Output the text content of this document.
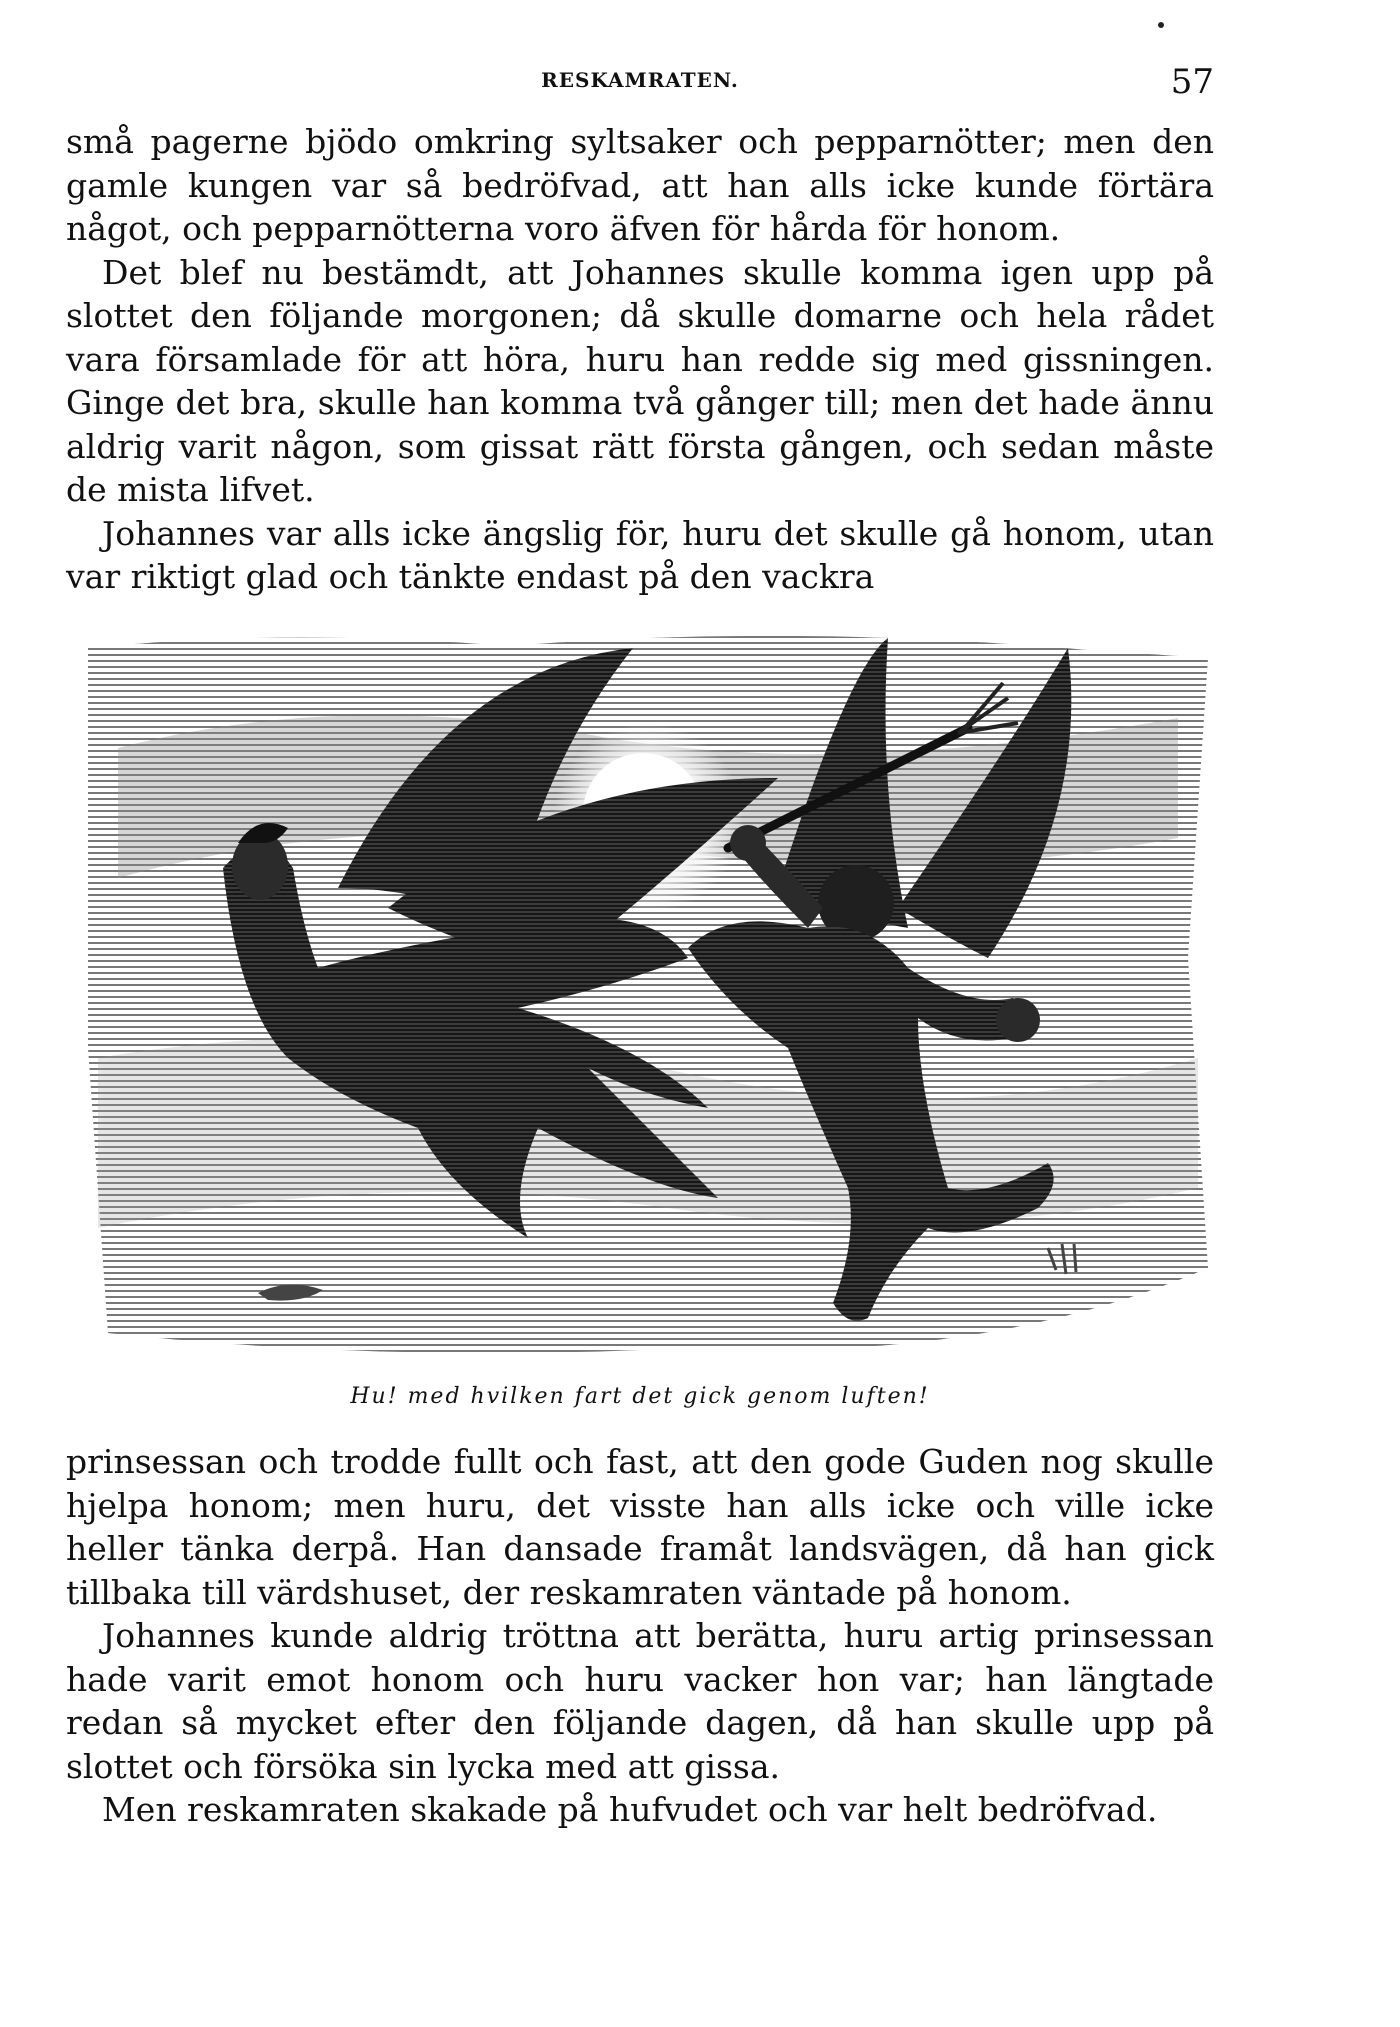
RESKAMRATEN.	57

små pagerne bjödo omkring syltsaker och pepparnötter; men den gamle kungen var så bedröfvad, att han alls icke kunde förtära något, och pepparnötterna voro äfven för hårda för honom.

Det blef nu bestämdt, att Johannes skulle komma igen upp på slottet den följande morgonen; då skulle domarne och hela rådet vara församlade för att höra, huru han redde sig med gissningen. Ginge det bra, skulle han komma två gånger till; men det hade ännu aldrig varit någon, som gissat rätt första gången, och sedan måste de mista lifvet.

Johannes var alls icke ängslig för, huru det skulle gå honom, utan var riktigt glad och tänkte endast på den vackra

Hu! med hvilken fart det gick genom luften!

prinsessan och trodde fullt och fast, att den gode Guden nog skulle hjelpa honom; men huru, det visste han alls icke och ville icke heller tänka derpå. Han dansade framåt landsvägen, då han gick tillbaka till värdshuset, der reskamraten väntade på honom.

Johannes kunde aldrig tröttna att berätta, huru artig prinsessan hade varit emot honom och huru vacker hon var; han längtade redan så mycket efter den följande dagen, då han skulle upp på slottet och försöka sin lycka med att gissa.

Men reskamraten skakade på hufvudet och var helt bedröfvad.
